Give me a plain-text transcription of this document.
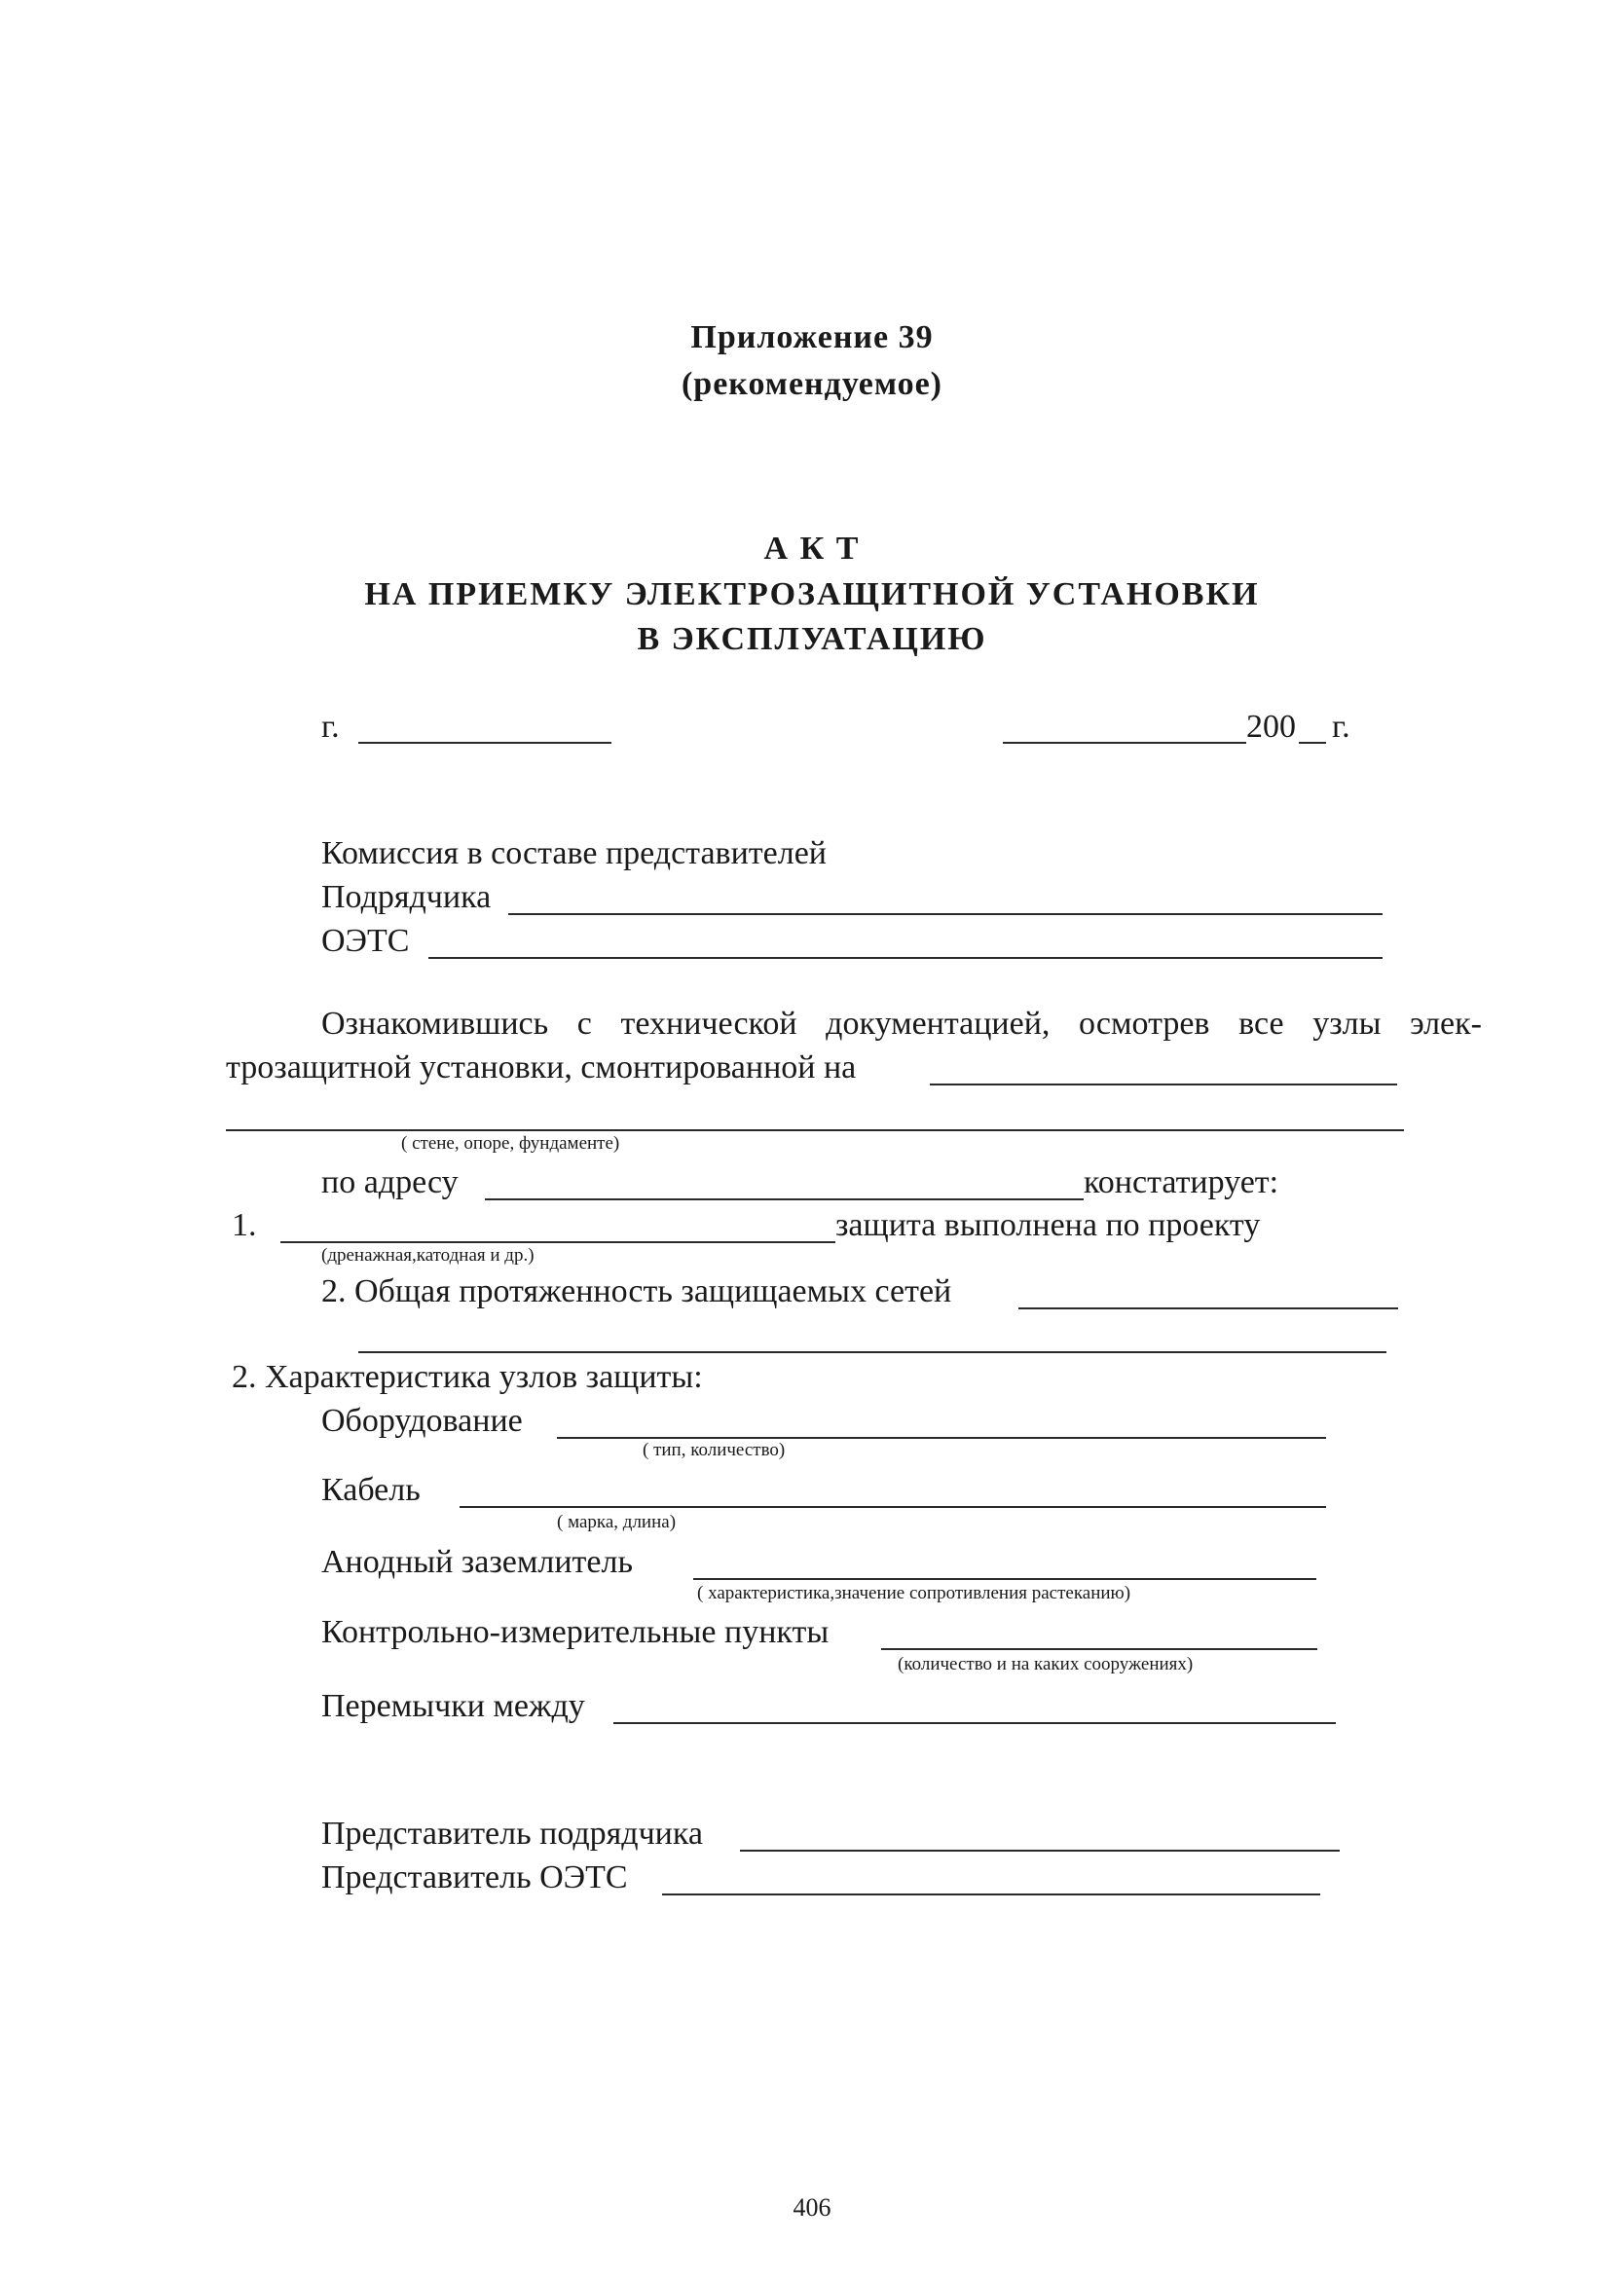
Приложение 39
(рекомендуемое)
А К Т
НА ПРИЕМКУ ЭЛЕКТРОЗАЩИТНОЙ УСТАНОВКИ
В ЭКСПЛУАТАЦИЮ
г.	200 г.
Комиссия в составе представителей
Подрядчика
ОЭТС
Ознакомившись с технической документацией, осмотрев все узлы элек-
трозащитной установки, смонтированной на
( стене, опоре, фундаменте)
по адресу	констатирует:
1.	защита выполнена по проекту
(дренажная,катодная и др.)
2. Общая протяженность защищаемых сетей
2. Характеристика узлов защиты:
Оборудование
( тип, количество)
Кабель
( марка, длина)
Анодный заземлитель
( характеристика,значение сопротивления растеканию)
Контрольно-измерительные пункты
(количество и на каких сооружениях)
Перемычки между
Представитель подрядчика
Представитель ОЭТС
406
